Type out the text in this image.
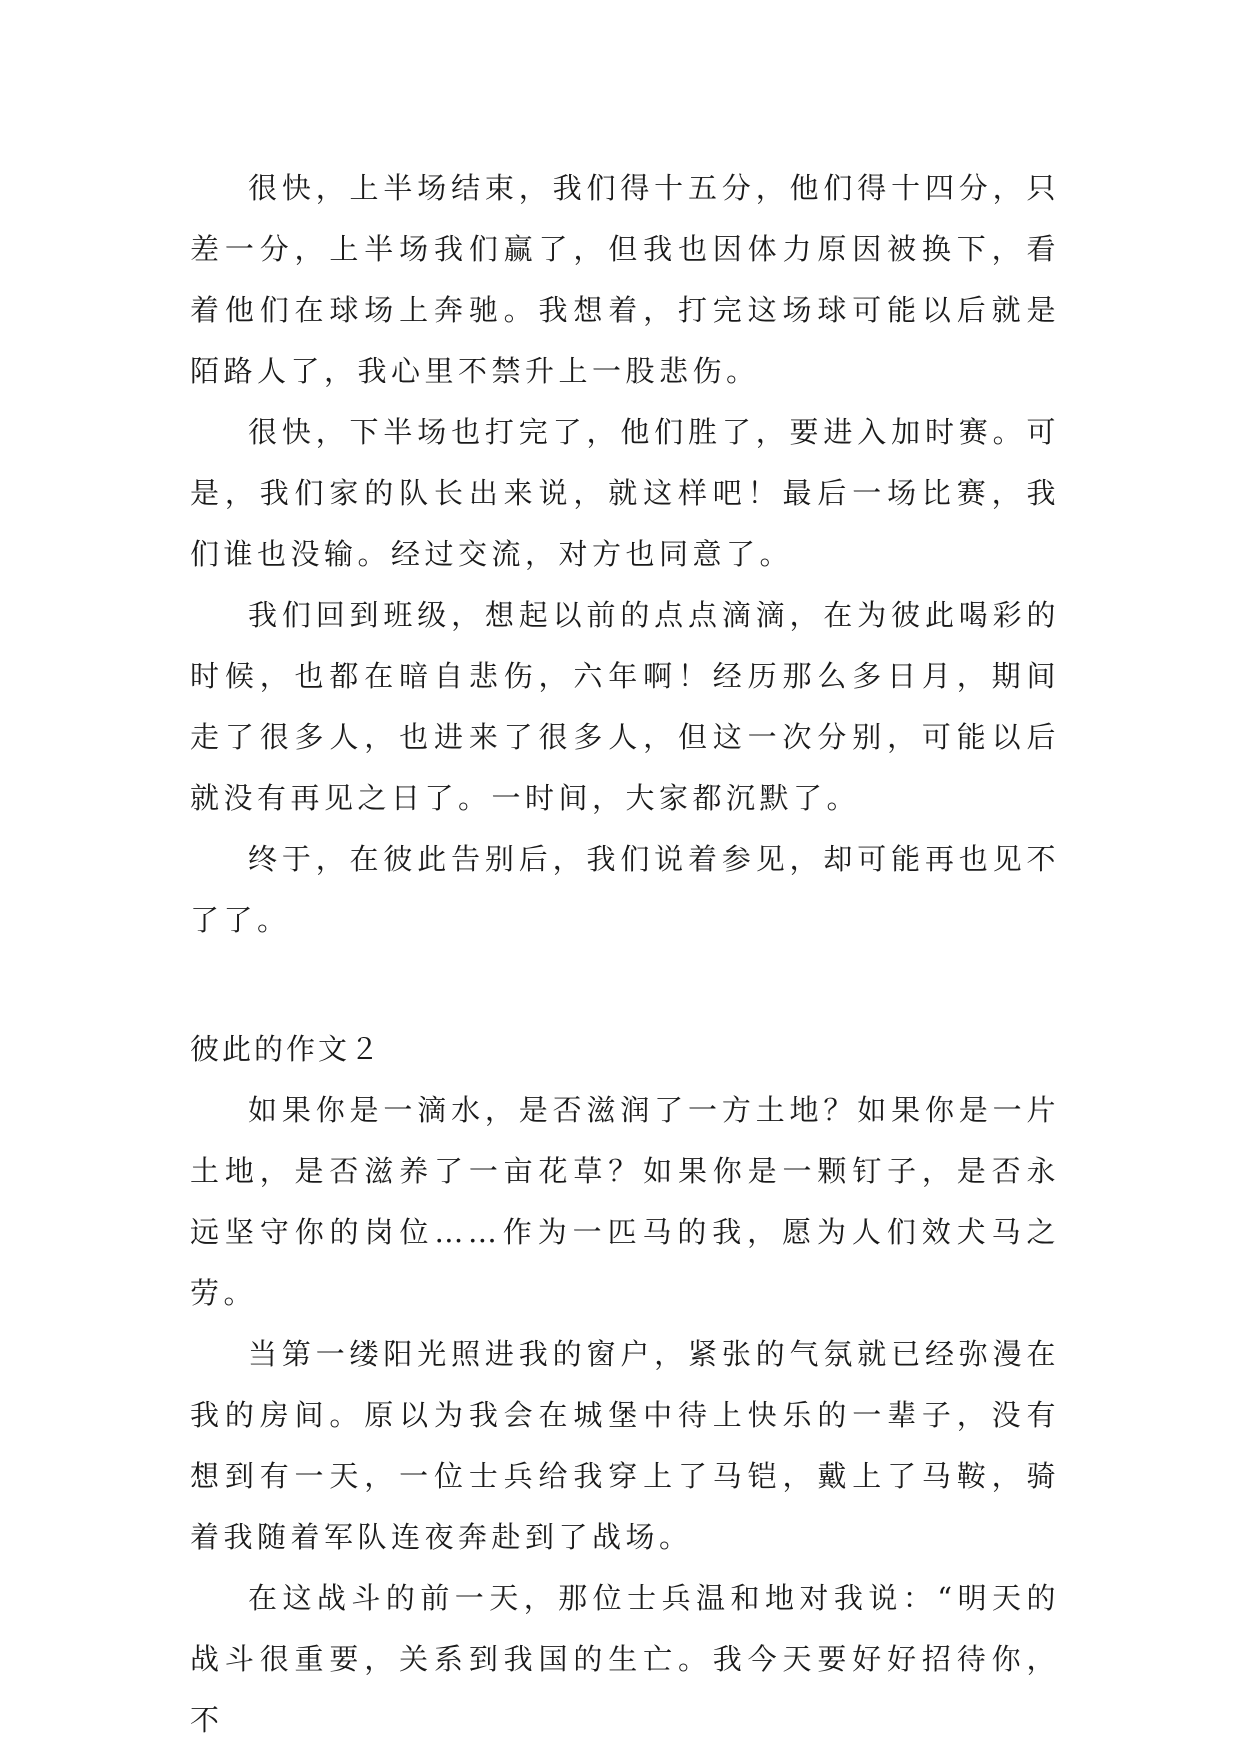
很快，上半场结束，我们得十五分，他们得十四分，只差一分，上半场我们赢了，但我也因体力原因被换下，看着他们在球场上奔驰。我想着，打完这场球可能以后就是陌路人了，我心里不禁升上一股悲伤。

很快，下半场也打完了，他们胜了，要进入加时赛。可是，我们家的队长出来说，就这样吧！最后一场比赛，我们谁也没输。经过交流，对方也同意了。

我们回到班级，想起以前的点点滴滴，在为彼此喝彩的时候，也都在暗自悲伤，六年啊！经历那么多日月，期间走了很多人，也进来了很多人，但这一次分别，可能以后就没有再见之日了。一时间，大家都沉默了。

终于，在彼此告别后，我们说着参见，却可能再也见不了了。

彼此的作文２

如果你是一滴水，是否滋润了一方土地？如果你是一片土地，是否滋养了一亩花草？如果你是一颗钉子，是否永远坚守你的岗位……作为一匹马的我，愿为人们效犬马之劳。

当第一缕阳光照进我的窗户，紧张的气氛就已经弥漫在我的房间。原以为我会在城堡中待上快乐的一辈子，没有想到有一天，一位士兵给我穿上了马铠，戴上了马鞍，骑着我随着军队连夜奔赴到了战场。

在这战斗的前一天，那位士兵温和地对我说：“明天的战斗很重要，关系到我国的生亡。我今天要好好招待你，不
